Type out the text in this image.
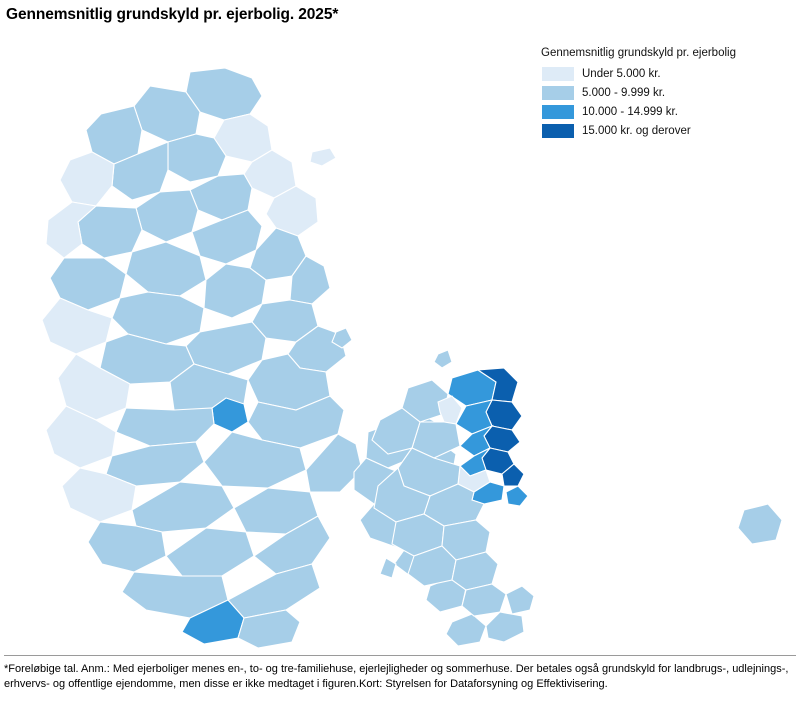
Gennemsnitlig grundskyld pr. ejerbolig. 2025*
Gennemsnitlig grundskyld pr. ejerbolig
Under 5.000 kr.
5.000 - 9.999 kr.
10.000 - 14.999 kr.
15.000 kr. og derover
*Foreløbige tal. Anm.: Med ejerboliger menes en-, to- og tre-familiehuse, ejerlejligheder og sommerhuse. Der betales også grundskyld for landbrugs-, udlejnings-, erhvervs- og offentlige ejendomme, men disse er ikke medtaget i figuren.Kort: Styrelsen for Dataforsyning og Effektivisering.
